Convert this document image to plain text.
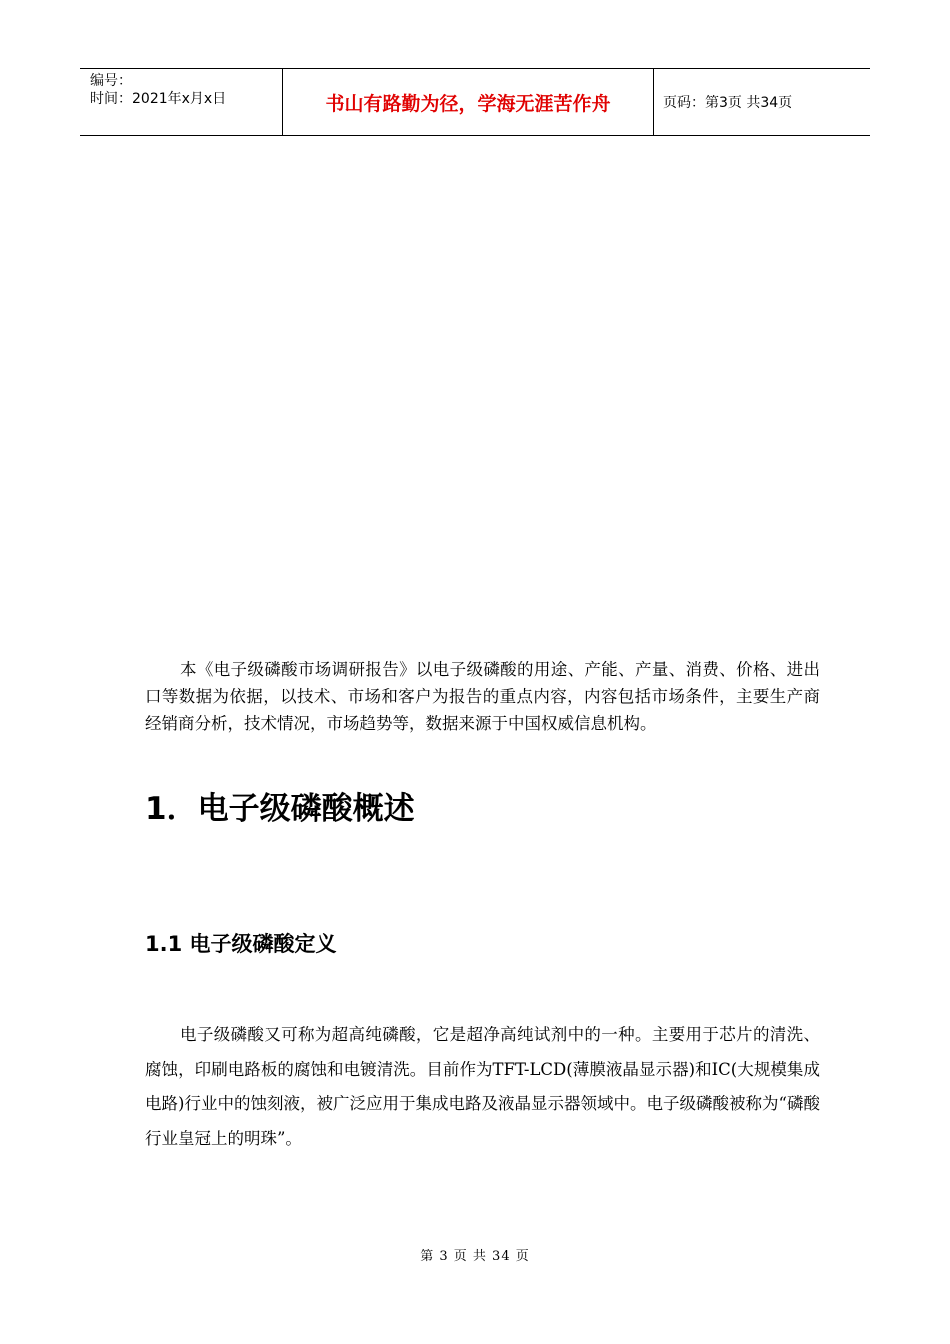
编号：
时间：2021年x月x日	书山有路勤为径，学海无涯苦作舟	页码：第3页 共34页

本《电子级磷酸市场调研报告》以电子级磷酸的用途、产能、产量、消费、价格、进出口等数据为依据，以技术、市场和客户为报告的重点内容，内容包括市场条件，主要生产商经销商分析，技术情况，市场趋势等，数据来源于中国权威信息机构。

1．电子级磷酸概述
1.1 电子级磷酸定义

电子级磷酸又可称为超高纯磷酸，它是超净高纯试剂中的一种。主要用于芯片的清洗、腐蚀，印刷电路板的腐蚀和电镀清洗。目前作为TFT-LCD(薄膜液晶显示器)和IC(大规模集成电路)行业中的蚀刻液，被广泛应用于集成电路及液晶显示器领域中。电子级磷酸被称为“磷酸行业皇冠上的明珠”。

第 3 页 共 34 页
